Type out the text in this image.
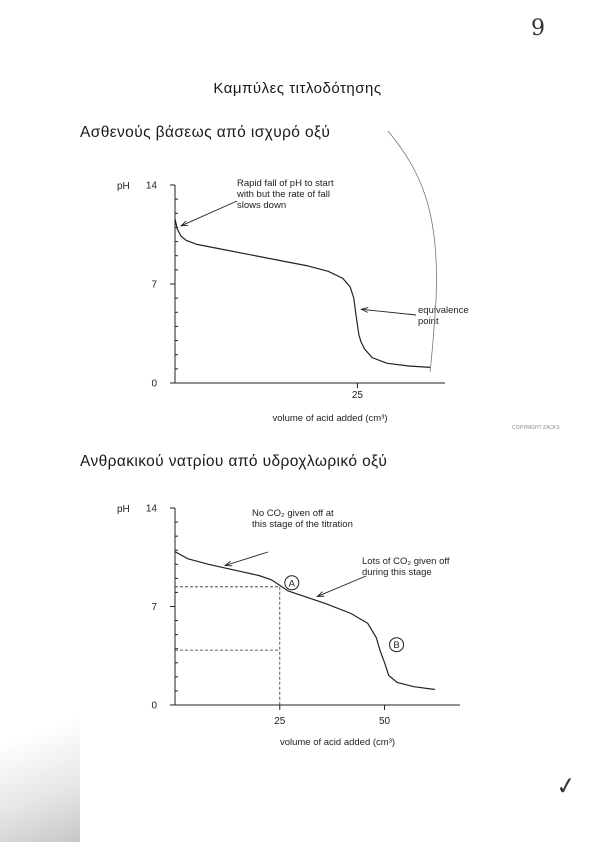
9
Καμπύλες τιτλοδότησης
Ασθενούς βάσεως από ισχυρό οξύ
Ανθρακικού νατρίου από υδροχλωρικό οξύ
COPYRIGHT ZACKS
✓
14
7
0
pH
25
volume of acid added (cm³)
Rapid fall of pH to start
with but the rate of fall
slows down
equivalence
point
14
7
0
pH
25	50
volume of acid added (cm³)
A
B
No CO₂ given off at
this stage of the titration
Lots of CO₂ given off
during this stage
